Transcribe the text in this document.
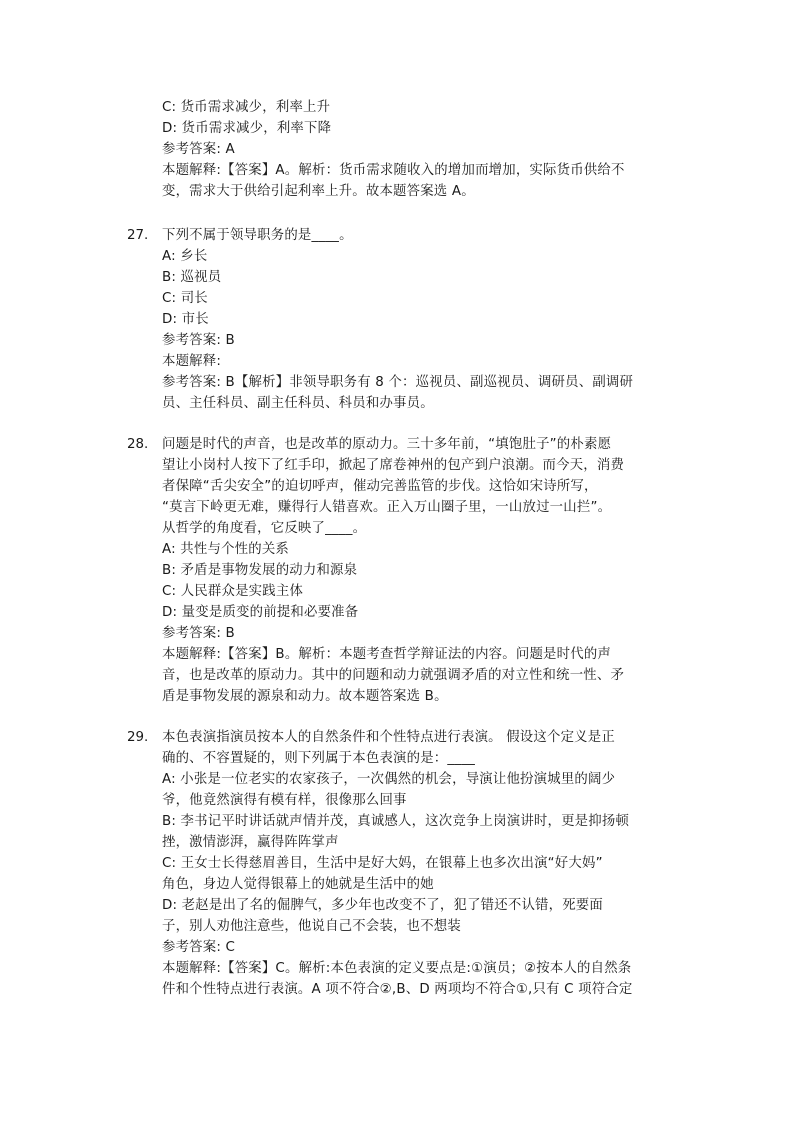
C: 货币需求减少，利率上升
D: 货币需求减少，利率下降
参考答案: A
本题解释:【答案】A。解析：货币需求随收入的增加而增加，实际货币供给不
变，需求大于供给引起利率上升。故本题答案选 A。
27. 下列不属于领导职务的是____。
A: 乡长
B: 巡视员
C: 司长
D: 市长
参考答案: B
本题解释:
参考答案: B【解析】非领导职务有 8 个：巡视员、副巡视员、调研员、副调研
员、主任科员、副主任科员、科员和办事员。
28. 问题是时代的声音，也是改革的原动力。三十多年前，“填饱肚子”的朴素愿
望让小岗村人按下了红手印，掀起了席卷神州的包产到户浪潮。而今天，消费
者保障“舌尖安全”的迫切呼声，催动完善监管的步伐。这恰如宋诗所写，
“莫言下岭更无难，赚得行人错喜欢。正入万山圈子里，一山放过一山拦”。
从哲学的角度看，它反映了____。
A: 共性与个性的关系
B: 矛盾是事物发展的动力和源泉
C: 人民群众是实践主体
D: 量变是质变的前提和必要准备
参考答案: B
本题解释:【答案】B。解析：本题考查哲学辩证法的内容。问题是时代的声
音，也是改革的原动力。其中的问题和动力就强调矛盾的对立性和统一性、矛
盾是事物发展的源泉和动力。故本题答案选 B。
29. 本色表演指演员按本人的自然条件和个性特点进行表演。 假设这个定义是正
确的、不容置疑的，则下列属于本色表演的是：____
A: 小张是一位老实的农家孩子，一次偶然的机会，导演让他扮演城里的阔少
爷，他竟然演得有模有样，很像那么回事
B: 李书记平时讲话就声情并茂，真诚感人，这次竞争上岗演讲时，更是抑扬顿
挫，激情澎湃，赢得阵阵掌声
C: 王女士长得慈眉善目，生活中是好大妈，在银幕上也多次出演“好大妈”
角色，身边人觉得银幕上的她就是生活中的她
D: 老赵是出了名的倔脾气，多少年也改变不了，犯了错还不认错，死要面
子，别人劝他注意些，他说自己不会装，也不想装
参考答案: C
本题解释:【答案】C。解析:本色表演的定义要点是:①演员；②按本人的自然条
件和个性特点进行表演。A 项不符合②,B、D 两项均不符合①,只有 C 项符合定
